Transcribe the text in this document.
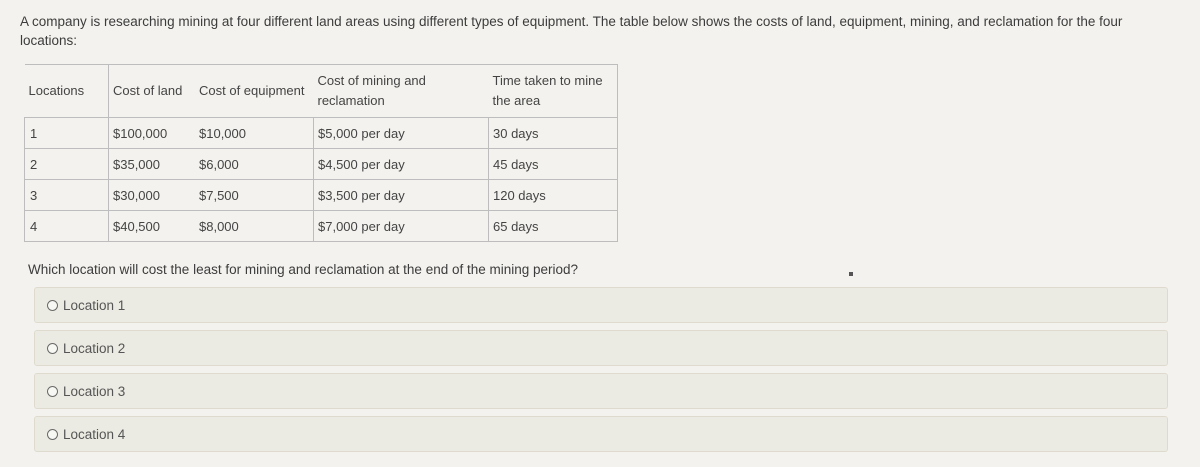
A company is researching mining at four different land areas using different types of equipment. The table below shows the costs of land, equipment, mining, and reclamation for the four locations:
Locations	Cost of land	Cost of equipment	Cost of mining and reclamation	Time taken to mine the area
1	$100,000	$10,000	$5,000 per day	30 days
2	$35,000	$6,000	$4,500 per day	45 days
3	$30,000	$7,500	$3,500 per day	120 days
4	$40,500	$8,000	$7,000 per day	65 days
Which location will cost the least for mining and reclamation at the end of the mining period?
Location 1
Location 2
Location 3
Location 4
